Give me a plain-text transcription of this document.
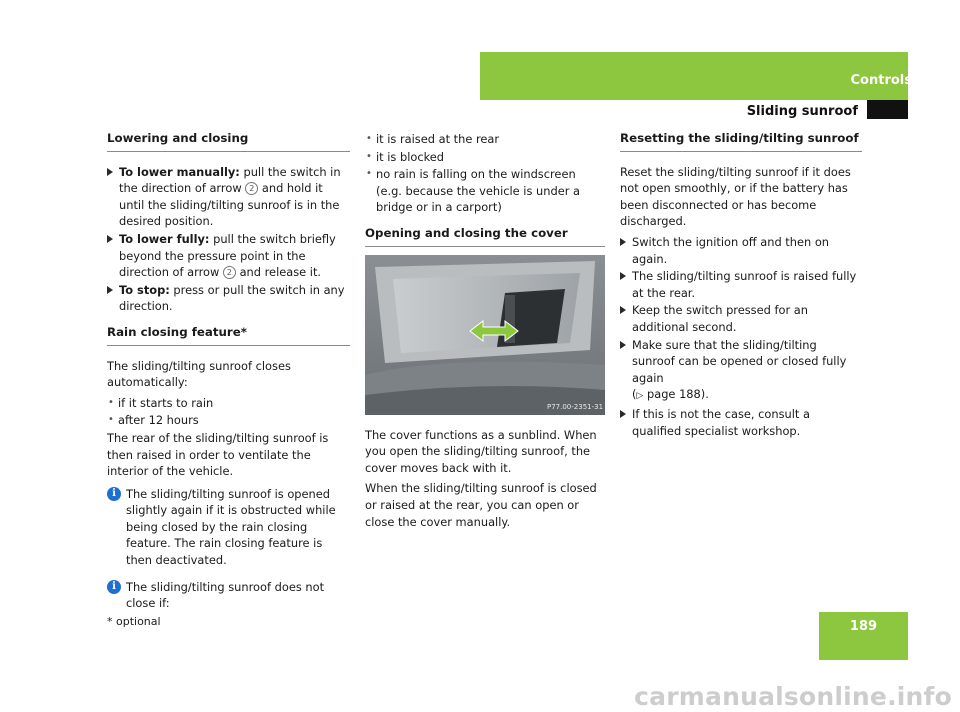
Controls
Sliding sunroof
Lowering and closing
To lower manually: pull the switch in the direction of arrow 2 and hold it until the sliding/tilting sunroof is in the desired position.
To lower fully: pull the switch briefly beyond the pressure point in the direction of arrow 2 and release it.
To stop: press or pull the switch in any direction.
Rain closing feature*

The sliding/tilting sunroof closes automatically:

• if it starts to rain
• after 12 hours

The rear of the sliding/tilting sunroof is then raised in order to ventilate the interior of the vehicle.

i The sliding/tilting sunroof is opened slightly again if it is obstructed while being closed by the rain closing feature. The rain closing feature is then deactivated.
i The sliding/tilting sunroof does not close if:
• it is raised at the rear
• it is blocked
• no rain is falling on the windscreen (e.g. because the vehicle is under a bridge or in a carport)
Opening and closing the cover
P77.00-2351-31

The cover functions as a sunblind. When you open the sliding/tilting sunroof, the cover moves back with it.

When the sliding/tilting sunroof is closed or raised at the rear, you can open or close the cover manually.

Resetting the sliding/tilting sunroof

Reset the sliding/tilting sunroof if it does not open smoothly, or if the battery has been disconnected or has become discharged.

Switch the ignition off and then on again.
The sliding/tilting sunroof is raised fully at the rear.
Keep the switch pressed for an additional second.
Make sure that the sliding/tilting sunroof can be opened or closed fully again
(▷ page 188).
If this is not the case, consult a qualified specialist workshop.
* optional	189
carmanualsonline.info
